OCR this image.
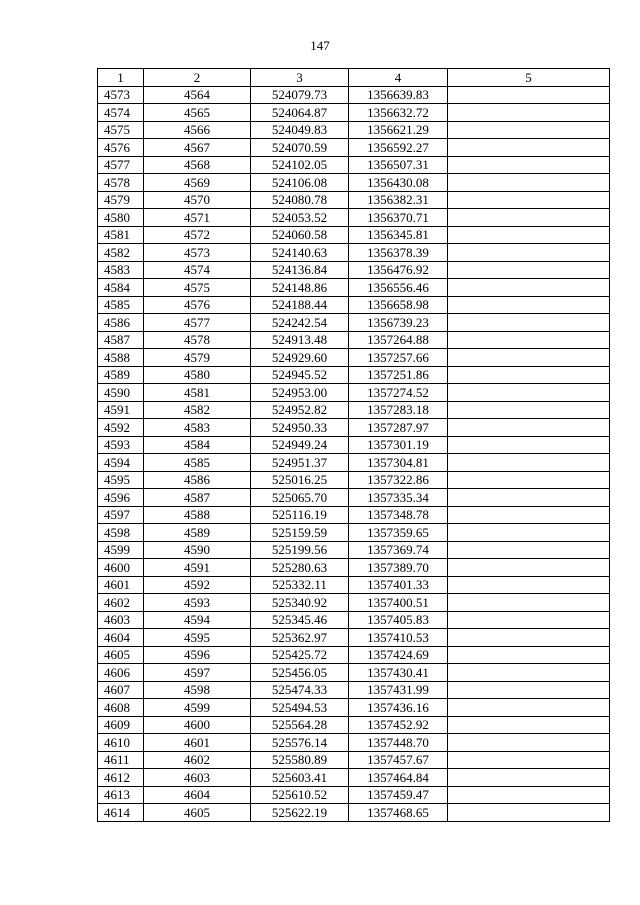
147
1	2	3	4	5
4573	4564	524079.73	1356639.83	
4574	4565	524064.87	1356632.72	
4575	4566	524049.83	1356621.29	
4576	4567	524070.59	1356592.27	
4577	4568	524102.05	1356507.31	
4578	4569	524106.08	1356430.08	
4579	4570	524080.78	1356382.31	
4580	4571	524053.52	1356370.71	
4581	4572	524060.58	1356345.81	
4582	4573	524140.63	1356378.39	
4583	4574	524136.84	1356476.92	
4584	4575	524148.86	1356556.46	
4585	4576	524188.44	1356658.98	
4586	4577	524242.54	1356739.23	
4587	4578	524913.48	1357264.88	
4588	4579	524929.60	1357257.66	
4589	4580	524945.52	1357251.86	
4590	4581	524953.00	1357274.52	
4591	4582	524952.82	1357283.18	
4592	4583	524950.33	1357287.97	
4593	4584	524949.24	1357301.19	
4594	4585	524951.37	1357304.81	
4595	4586	525016.25	1357322.86	
4596	4587	525065.70	1357335.34	
4597	4588	525116.19	1357348.78	
4598	4589	525159.59	1357359.65	
4599	4590	525199.56	1357369.74	
4600	4591	525280.63	1357389.70	
4601	4592	525332.11	1357401.33	
4602	4593	525340.92	1357400.51	
4603	4594	525345.46	1357405.83	
4604	4595	525362.97	1357410.53	
4605	4596	525425.72	1357424.69	
4606	4597	525456.05	1357430.41	
4607	4598	525474.33	1357431.99	
4608	4599	525494.53	1357436.16	
4609	4600	525564.28	1357452.92	
4610	4601	525576.14	1357448.70	
4611	4602	525580.89	1357457.67	
4612	4603	525603.41	1357464.84	
4613	4604	525610.52	1357459.47	
4614	4605	525622.19	1357468.65	
